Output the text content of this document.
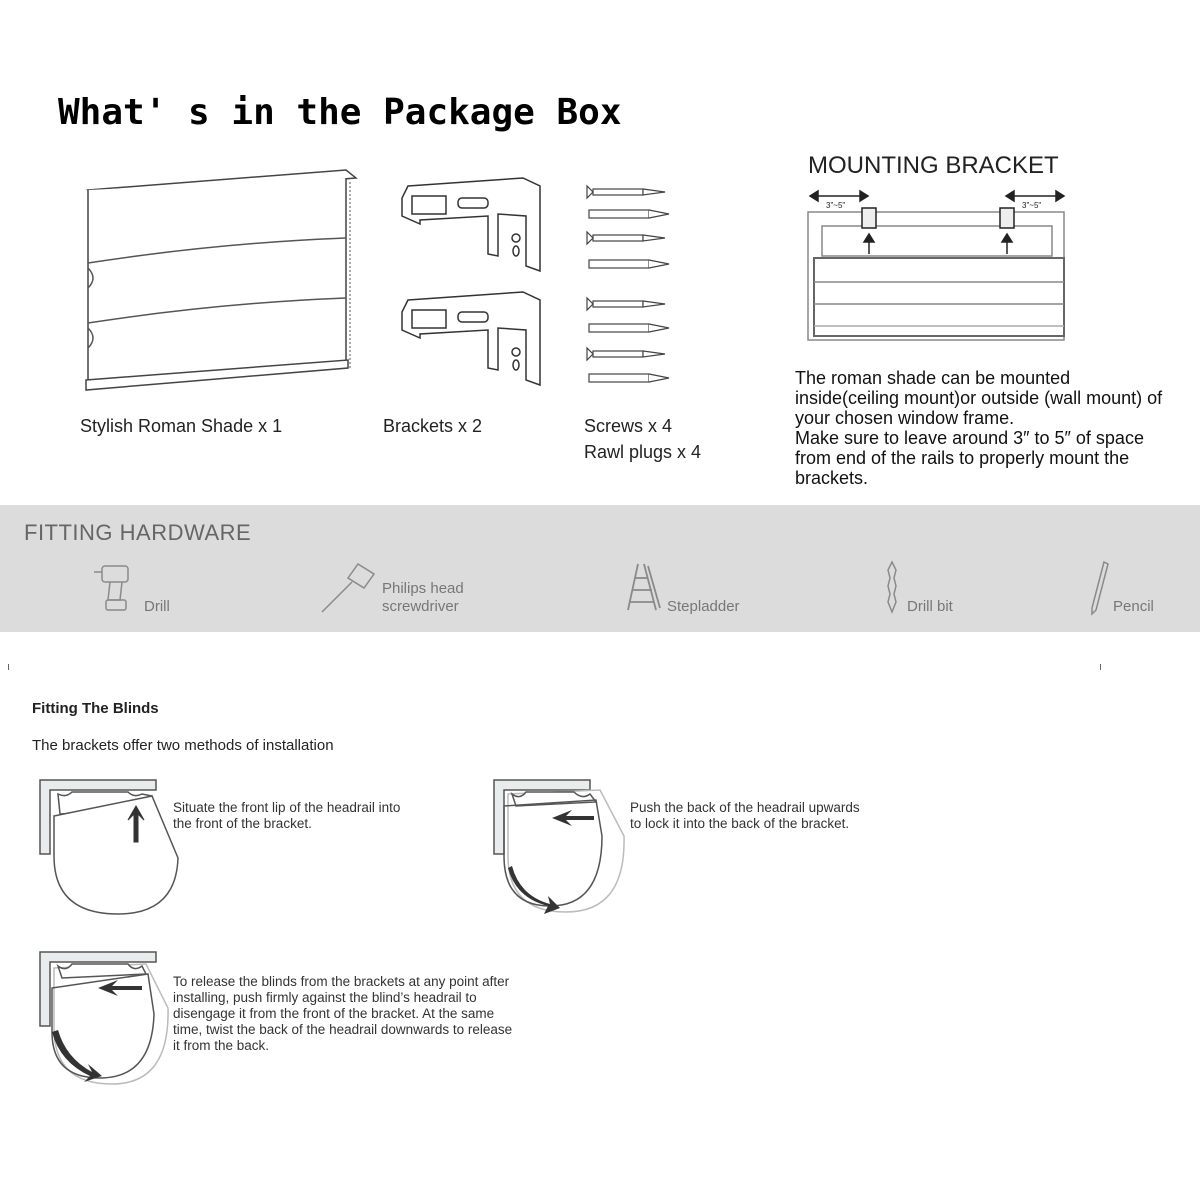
What' s in the Package Box
Stylish Roman Shade x 1	Brackets x 2	Screws x 4
Rawl plugs x 4
MOUNTING BRACKET
3"~5"	3"~5"
The roman shade can be mounted
inside(ceiling mount)or outside (wall mount) of
your chosen window frame.
Make sure to leave around 3″ to 5″ of space
from end of the rails to properly mount the
brackets.
FITTING HARDWARE
Drill
Philips head
screwdriver	Stepladder	Drill bit	Pencil
Fitting The Blinds
The brackets offer two methods of installation
Situate the front lip of the headrail into
the front of the bracket.
Push the back of the headrail upwards
to lock it into the back of the bracket.
To release the blinds from the brackets at any point after
installing, push firmly against the blind’s headrail to
disengage it from the front of the bracket. At the same
time, twist the back of the headrail downwards to release
it from the back.
